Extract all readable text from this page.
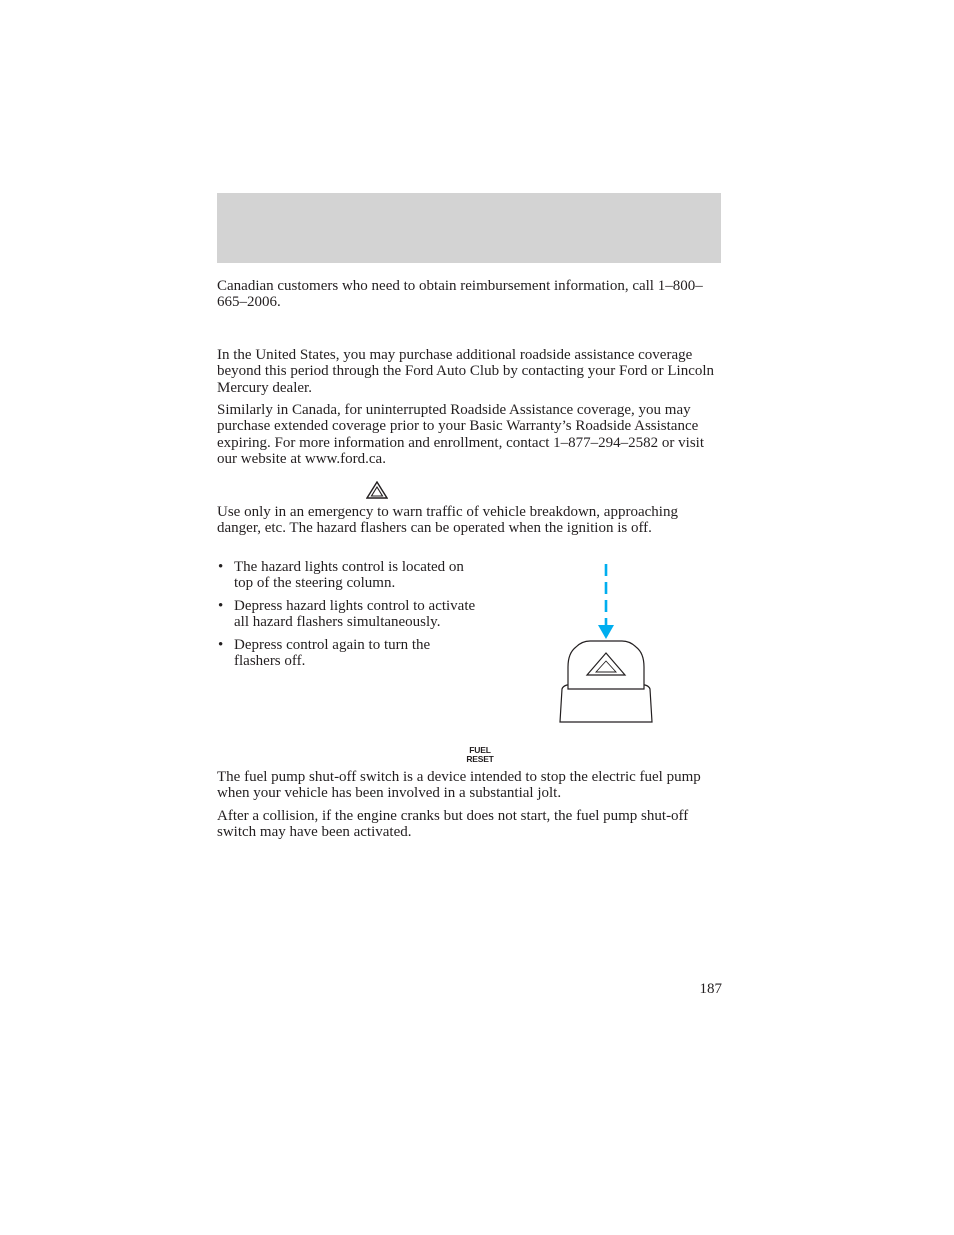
Canadian customers who need to obtain reimbursement information, call 1–800–665–2006.

In the United States, you may purchase additional roadside assistance coverage beyond this period through the Ford Auto Club by contacting your Ford or Lincoln Mercury dealer.

Similarly in Canada, for uninterrupted Roadside Assistance coverage, you may purchase extended coverage prior to your Basic Warranty’s Roadside Assistance expiring. For more information and enrollment, contact 1–877–294–2582 or visit our website at www.ford.ca.

Use only in an emergency to warn traffic of vehicle breakdown, approaching danger, etc. The hazard flashers can be operated when the ignition is off.

• The hazard lights control is located on top of the steering column.
• Depress hazard lights control to activate all hazard flashers simultaneously.
• Depress control again to turn the flashers off.
FUEL
RESET

The fuel pump shut-off switch is a device intended to stop the electric fuel pump when your vehicle has been involved in a substantial jolt.

After a collision, if the engine cranks but does not start, the fuel pump shut-off switch may have been activated.

187
